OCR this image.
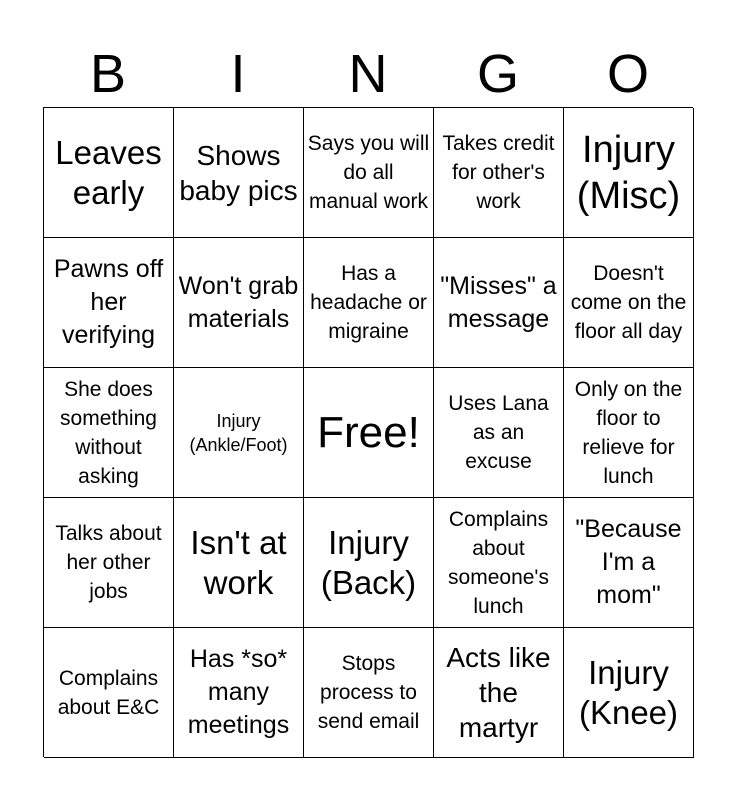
B	I	N	G	O
Leaves early
Shows baby pics
Says you will do all manual work
Takes credit for other's work
Injury (Misc)
Pawns off her verifying
Won't grab materials
Has a headache or migraine
"Misses" a message
Doesn't come on the floor all day
She does something without asking
Injury (Ankle/Foot) Free!
Uses Lana as an excuse
Only on the floor to relieve for lunch
Talks about her other jobs
Isn't at work
Injury (Back)
Complains about someone's lunch
"Because I'm a mom"
Complains about E&C
Has *so* many meetings
Stops process to send email
Acts like the martyr
Injury (Knee)
